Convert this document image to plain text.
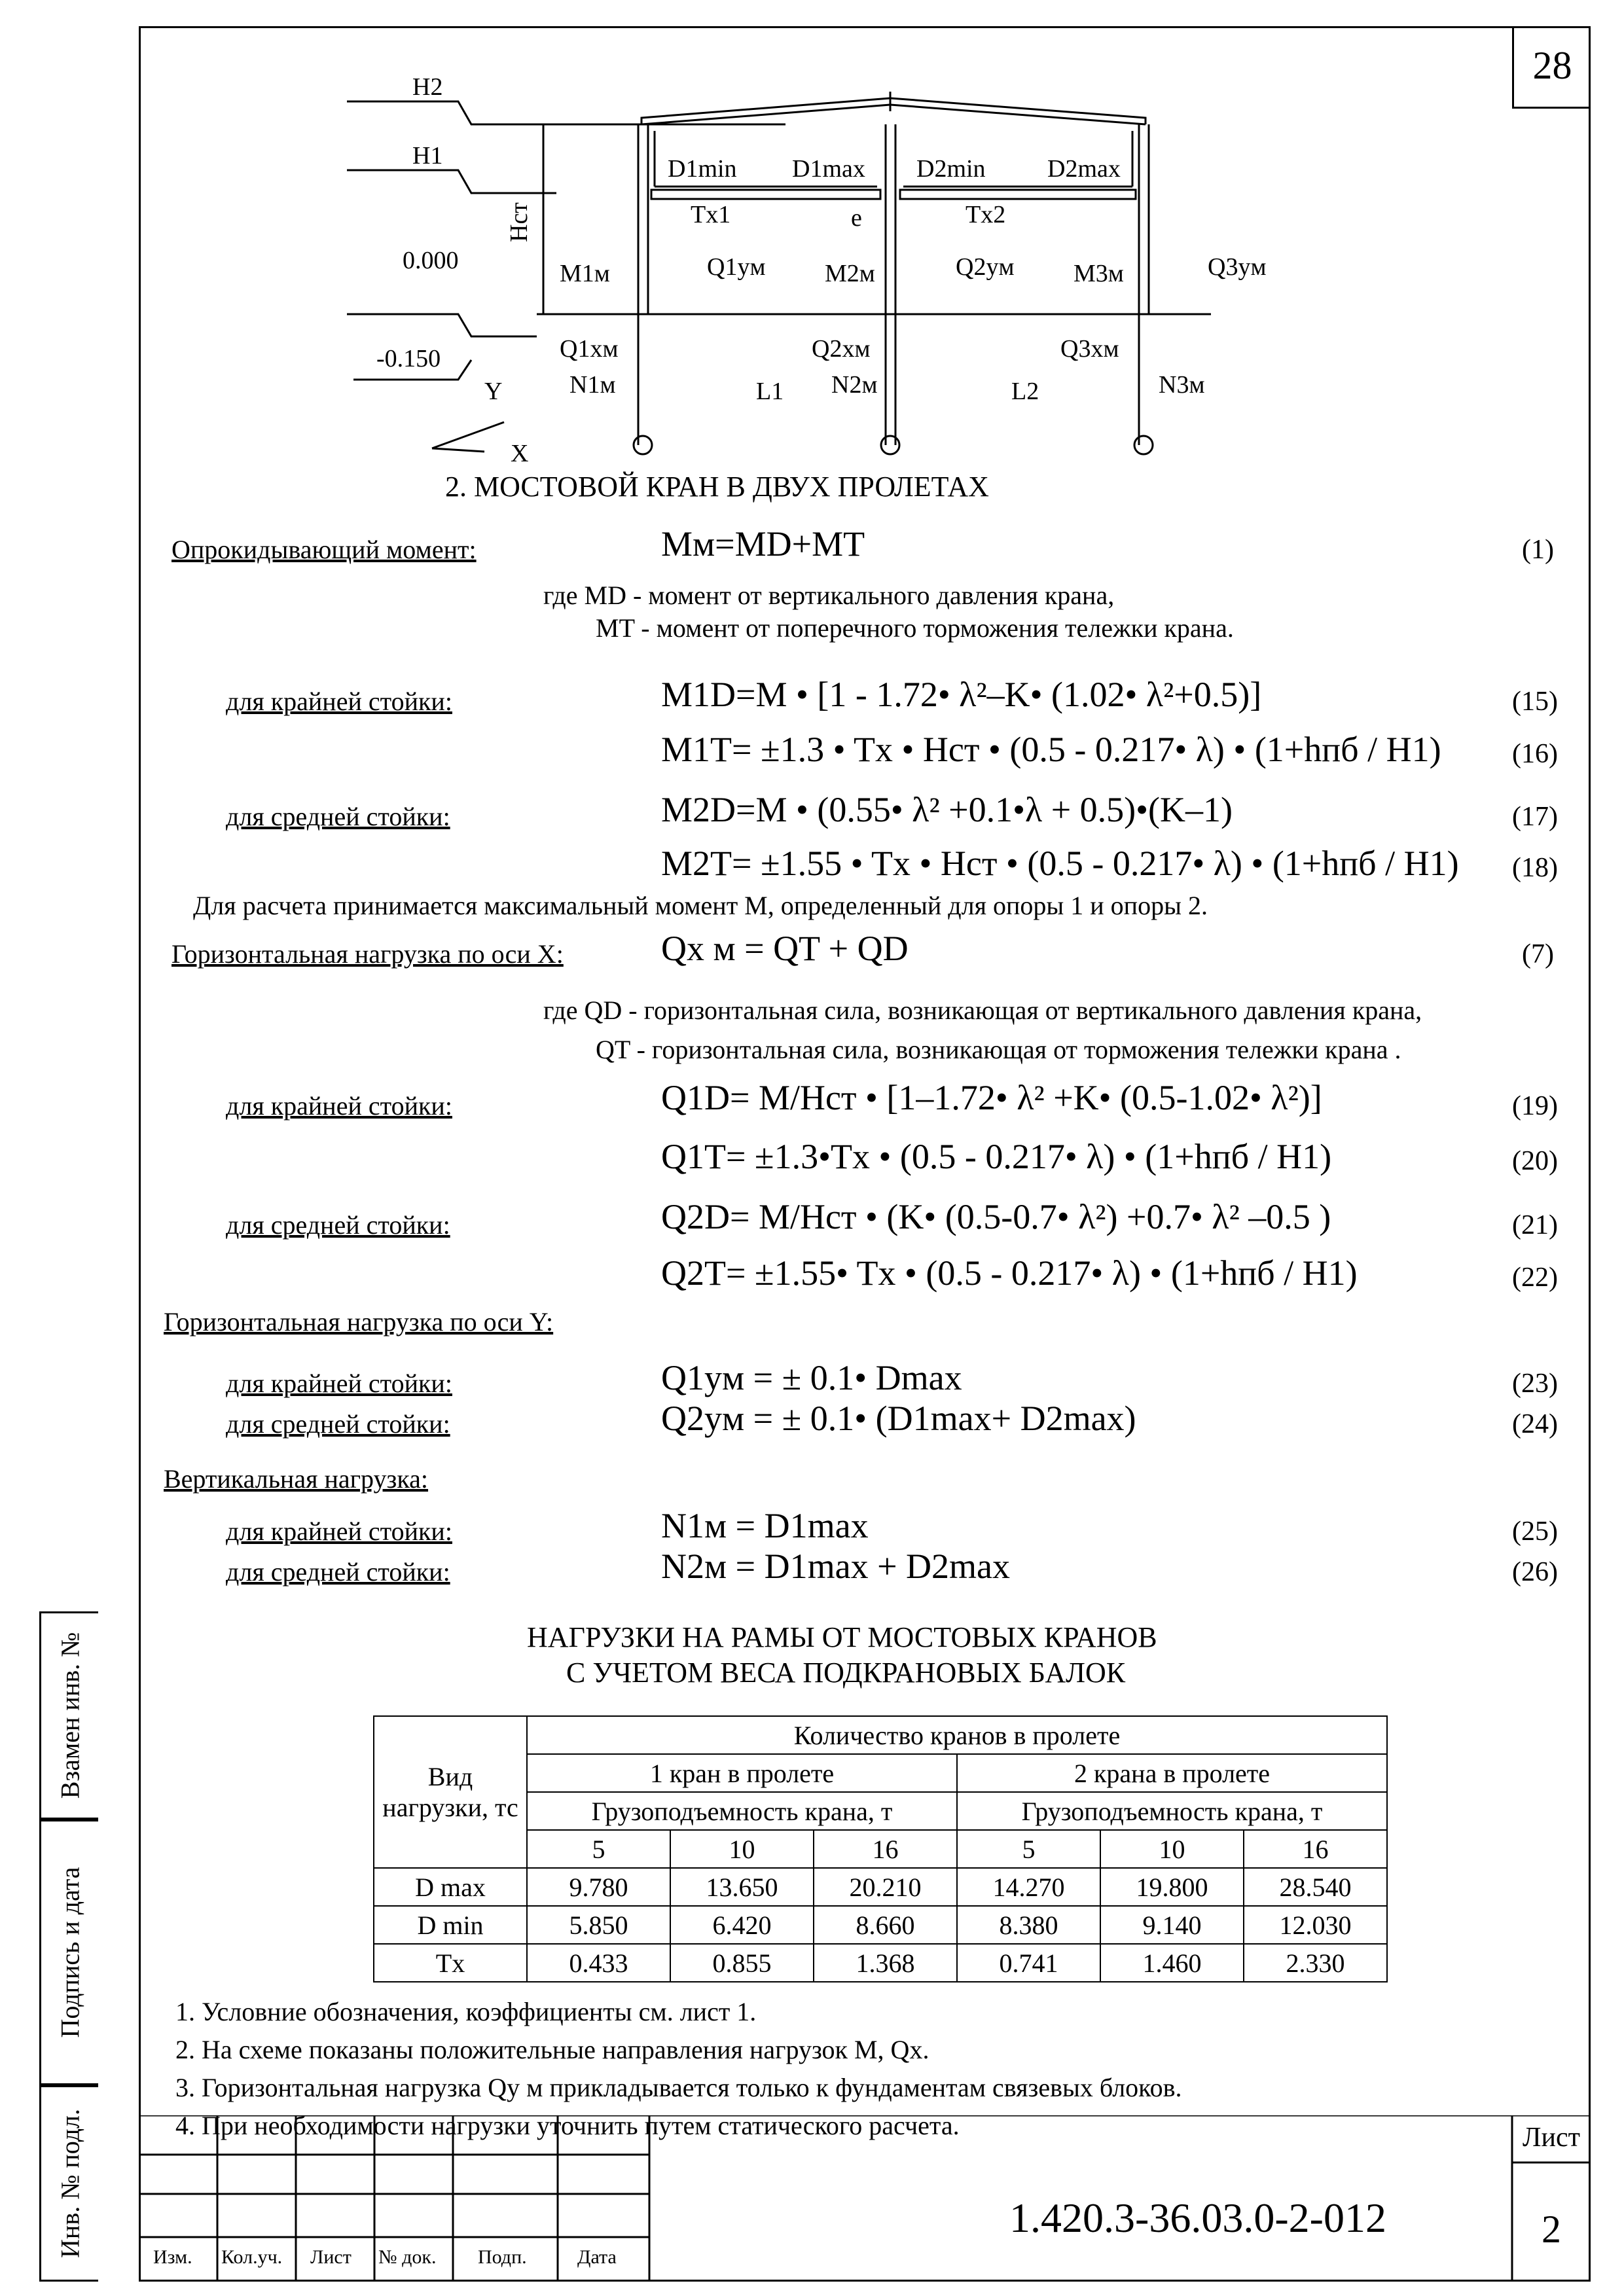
28
Взамен инв. №
Подпись и дата
Инв. № подл.
H2
H1
Нст
0.000
-0.150
Y
X
D1min D1max D2min D2max
Tx1	e	Tx2
M1м	Q1yм M2м	Q2yм M3м	Q3yм
Q1xм	Q2xм	Q3xм
N1м	N2м	N3м
L1	L2
2. МОСТОВОЙ КРАН В ДВУХ ПРОЛЕТАХ
Опрокидывающий момент:	Mм=MD+MT	(1)
где MD - момент от вертикального давления крана,
MT - момент от поперечного торможения тележки крана.
для крайней стойки:	M1D=M • [1 - 1.72• λ²–K• (1.02• λ²+0.5)]	(15)
M1T= ±1.3 • Tx • Hст • (0.5 - 0.217• λ) • (1+hпб / H1)	(16)
для средней стойки:	M2D=M • (0.55• λ² +0.1•λ + 0.5)•(K–1)	(17)
M2T= ±1.55 • Tx • Hст • (0.5 - 0.217• λ) • (1+hпб / H1) (18)
Для расчета принимается максимальный момент M, определенный для опоры 1 и опоры 2.
Горизонтальная нагрузка по оси X:	Qx м = QT + QD	(7)
где QD - горизонтальная сила, возникающая от вертикального давления крана,
QT - горизонтальная сила, возникающая от торможения тележки крана .
для крайней стойки:	Q1D= M/Hст • [1–1.72• λ² +K• (0.5-1.02• λ²)]	(19)
Q1T= ±1.3•Tx • (0.5 - 0.217• λ) • (1+hпб / H1)	(20)
для средней стойки:	Q2D= M/Hст • (K• (0.5-0.7• λ²) +0.7• λ² –0.5 )	(21)
Q2T= ±1.55• Tx • (0.5 - 0.217• λ) • (1+hпб / H1)	(22)
Горизонтальная нагрузка по оси Y:
для крайней стойки:	Q1yм = ± 0.1• Dmax	(23)
для средней стойки:	Q2yм = ± 0.1• (D1max+ D2max)	(24)
Вертикальная нагрузка:
для крайней стойки:	N1м = D1max	(25)
для средней стойки:	N2м = D1max + D2max	(26)
НАГРУЗКИ НА РАМЫ ОТ МОСТОВЫХ КРАНОВ
С УЧЕТОМ ВЕСА ПОДКРАНОВЫХ БАЛОК
Вид нагрузки, тс	Количество кранов в пролете					
	1 кран в пролете			2 крана в пролете		
	Грузоподъемность крана, т			Грузоподъемность крана, т		
	5	10	16	5	10	16
D max	9.780	13.650	20.210	14.270	19.800	28.540
D min	5.850	6.420	8.660	8.380	9.140	12.030
Tx	0.433	0.855	1.368	0.741	1.460	2.330
1. Условние обозначения, коэффициенты см. лист 1.
2. На схеме показаны положительные направления нагрузок M, Qx.
3. Горизонтальная нагрузка Qy м прикладывается только к фундаментам связевых блоков.
4. При необходимости нагрузки уточнить путем статического расчета.
Изм. Кол.уч. Лист № док. Подп.	Дата
1.420.3-36.03.0-2-012
Лист
2
